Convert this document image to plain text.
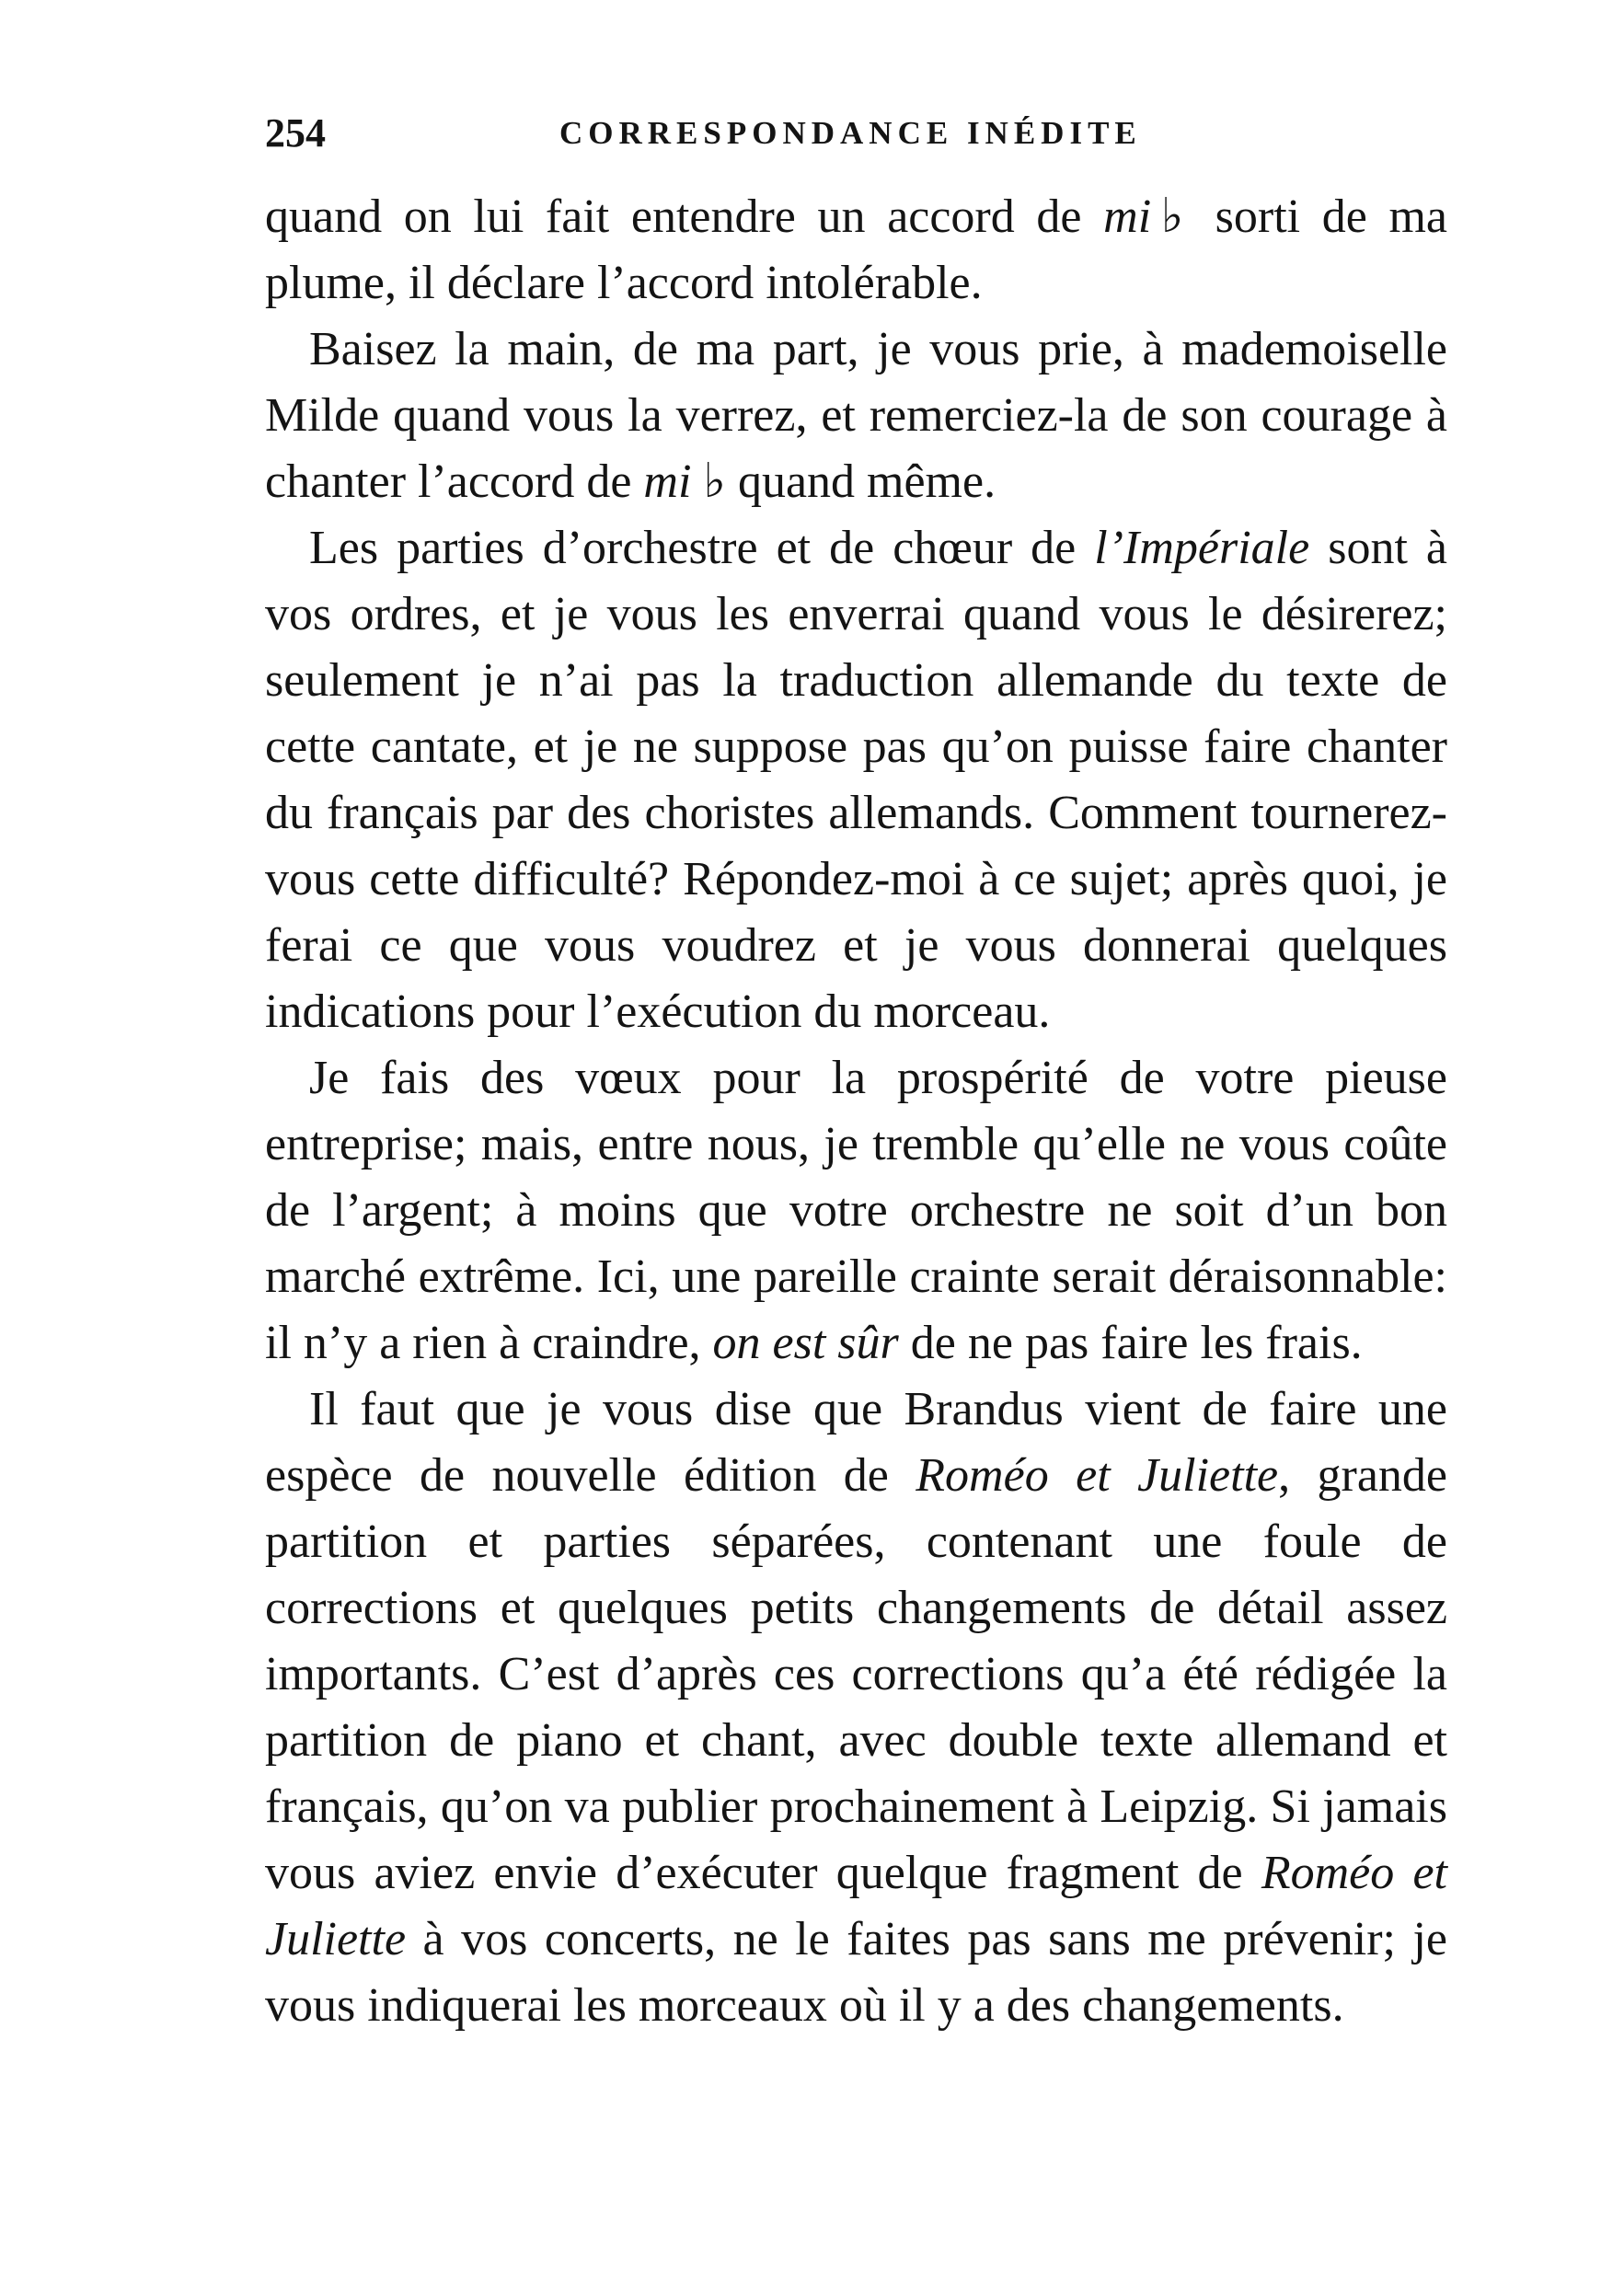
254	CORRESPONDANCE INÉDITE

quand on lui fait entendre un accord de mi♭ sorti de ma plume, il déclare l’accord intolérable.

Baisez la main, de ma part, je vous prie, à mademoiselle Milde quand vous la verrez, et remerciez-la de son courage à chanter l’accord de mi ♭ quand même.

Les parties d’orchestre et de chœur de l’Impériale sont à vos ordres, et je vous les enverrai quand vous le désirerez; seulement je n’ai pas la traduction allemande du texte de cette cantate, et je ne suppose pas qu’on puisse faire chanter du français par des choristes allemands. Comment tournerez-vous cette difficulté? Répondez-moi à ce sujet; après quoi, je ferai ce que vous voudrez et je vous donnerai quelques indications pour l’exécution du morceau.

Je fais des vœux pour la prospérité de votre pieuse entreprise; mais, entre nous, je tremble qu’elle ne vous coûte de l’argent; à moins que votre orchestre ne soit d’un bon marché extrême. Ici, une pareille crainte serait déraisonnable: il n’y a rien à craindre, on est sûr de ne pas faire les frais.

Il faut que je vous dise que Brandus vient de faire une espèce de nouvelle édition de Roméo et Juliette, grande partition et parties séparées, contenant une foule de corrections et quelques petits changements de détail assez importants. C’est d’après ces corrections qu’a été rédigée la partition de piano et chant, avec double texte allemand et français, qu’on va publier prochainement à Leipzig. Si jamais vous aviez envie d’exécuter quelque fragment de Roméo et Juliette à vos concerts, ne le faites pas sans me prévenir; je vous indiquerai les morceaux où il y a des changements.
